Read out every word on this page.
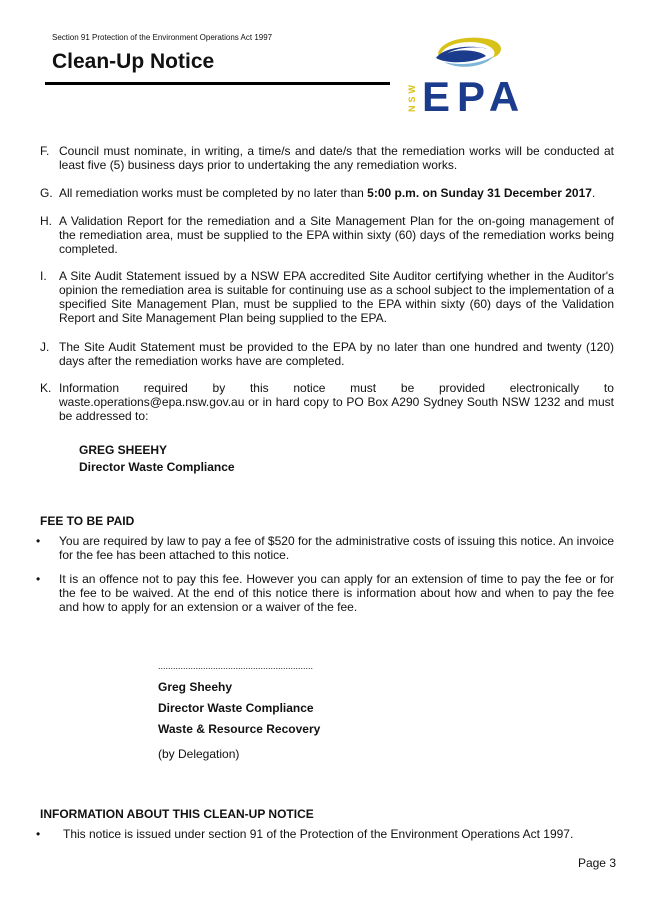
Section 91 Protection of the Environment Operations Act 1997
Clean-Up Notice
NSW EPA
F. Council must nominate, in writing, a time/s and date/s that the remediation works will be conducted at least five (5) business days prior to undertaking the any remediation works.
G. All remediation works must be completed by no later than 5:00 p.m. on Sunday 31 December 2017.
H. A Validation Report for the remediation and a Site Management Plan for the on-going management of the remediation area, must be supplied to the EPA within sixty (60) days of the remediation works being completed.
I.	A Site Audit Statement issued by a NSW EPA accredited Site Auditor certifying whether in the Auditor's opinion the remediation area is suitable for continuing use as a school subject to the implementation of a specified Site Management Plan, must be supplied to the EPA within sixty (60) days of the Validation Report and Site Management Plan being supplied to the EPA.
J. The Site Audit Statement must be provided to the EPA by no later than one hundred and twenty (120) days after the remediation works have are completed.
K. Information required by this notice must be provided electronically to
waste.operations@epa.nsw.gov.au or in hard copy to PO Box A290 Sydney South NSW 1232 and must be addressed to:
GREG SHEEHY
Director Waste Compliance
FEE TO BE PAID
• You are required by law to pay a fee of $520 for the administrative costs of issuing this notice. An invoice for the fee has been attached to this notice.
• It is an offence not to pay this fee. However you can apply for an extension of time to pay the fee or for the fee to be waived. At the end of this notice there is information about how and when to pay the fee and how to apply for an extension or a waiver of the fee.
..............................................................
Greg Sheehy
Director Waste Compliance
Waste & Resource Recovery
(by Delegation)
INFORMATION ABOUT THIS CLEAN-UP NOTICE
• This notice is issued under section 91 of the Protection of the Environment Operations Act 1997.
Page 3
